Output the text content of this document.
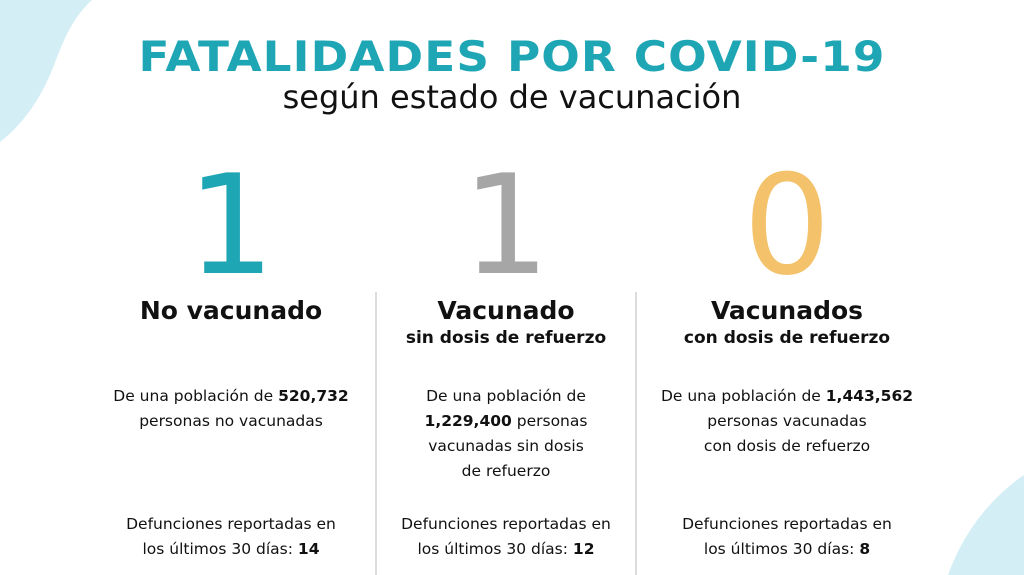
FATALIDADES POR COVID-19
según estado de vacunación
1
No vacunado
De una población de 520,732
personas no vacunadas
Defunciones reportadas en
los últimos 30 días: 14
1
Vacunado
sin dosis de refuerzo
De una población de
1,229,400 personas
vacunadas sin dosis
de refuerzo
Defunciones reportadas en
los últimos 30 días: 12
0
Vacunados
con dosis de refuerzo
De una población de 1,443,562
personas vacunadas
con dosis de refuerzo
Defunciones reportadas en
los últimos 30 días: 8
